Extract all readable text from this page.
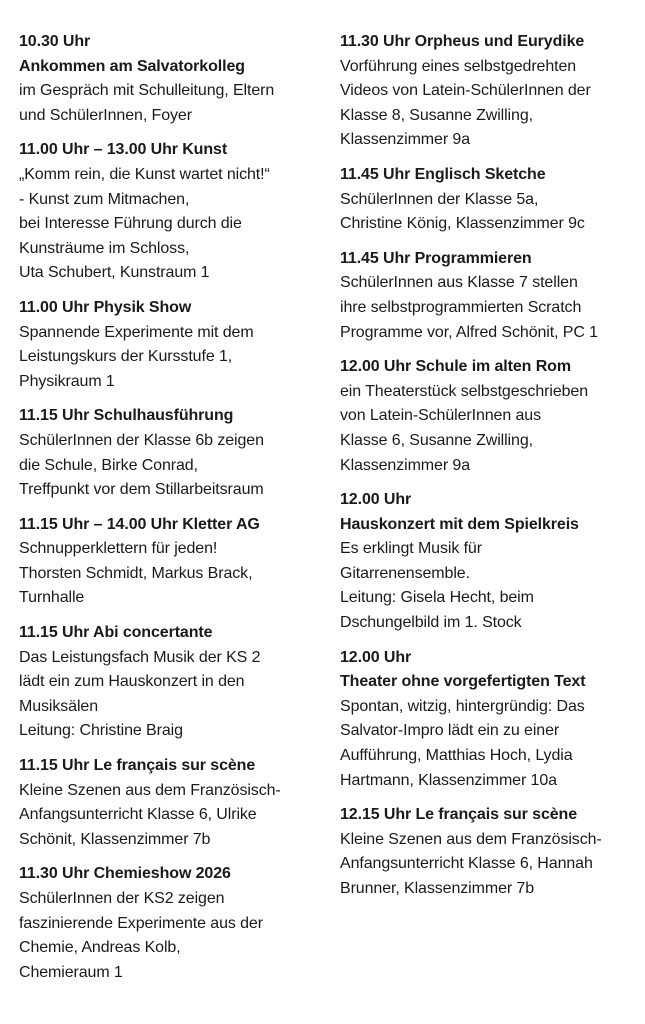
10.30 Uhr
Ankommen am Salvatorkolleg
im Gespräch mit Schulleitung, Eltern
und SchülerInnen, Foyer
11.00 Uhr – 13.00 Uhr Kunst
„Komm rein, die Kunst wartet nicht!“
- Kunst zum Mitmachen,
bei Interesse Führung durch die
Kunsträume im Schloss,
Uta Schubert, Kunstraum 1
11.00 Uhr Physik Show
Spannende Experimente mit dem
Leistungskurs der Kursstufe 1,
Physikraum 1
11.15 Uhr Schulhausführung
SchülerInnen der Klasse 6b zeigen
die Schule, Birke Conrad,
Treffpunkt vor dem Stillarbeitsraum
11.15 Uhr – 14.00 Uhr Kletter AG
Schnupperklettern für jeden!
Thorsten Schmidt, Markus Brack,
Turnhalle
11.15 Uhr Abi concertante
Das Leistungsfach Musik der KS 2
lädt ein zum Hauskonzert in den
Musiksälen
Leitung: Christine Braig
11.15 Uhr Le français sur scène
Kleine Szenen aus dem Französisch-
Anfangsunterricht Klasse 6, Ulrike
Schönit, Klassenzimmer 7b
11.30 Uhr Chemieshow 2026
SchülerInnen der KS2 zeigen
faszinierende Experimente aus der
Chemie, Andreas Kolb,
Chemieraum 1
11.30 Uhr Orpheus und Eurydike
Vorführung eines selbstgedrehten
Videos von Latein-SchülerInnen der
Klasse 8, Susanne Zwilling,
Klassenzimmer 9a
11.45 Uhr Englisch Sketche
SchülerInnen der Klasse 5a,
Christine König, Klassenzimmer 9c
11.45 Uhr Programmieren
SchülerInnen aus Klasse 7 stellen
ihre selbstprogrammierten Scratch
Programme vor, Alfred Schönit, PC 1
12.00 Uhr Schule im alten Rom
ein Theaterstück selbstgeschrieben
von Latein-SchülerInnen aus
Klasse 6, Susanne Zwilling,
Klassenzimmer 9a
12.00 Uhr
Hauskonzert mit dem Spielkreis
Es erklingt Musik für
Gitarrenensemble.
Leitung: Gisela Hecht, beim
Dschungelbild im 1. Stock
12.00 Uhr
Theater ohne vorgefertigten Text
Spontan, witzig, hintergründig: Das
Salvator-Impro lädt ein zu einer
Aufführung, Matthias Hoch, Lydia
Hartmann, Klassenzimmer 10a
12.15 Uhr Le français sur scène
Kleine Szenen aus dem Französisch-
Anfangsunterricht Klasse 6, Hannah
Brunner, Klassenzimmer 7b
